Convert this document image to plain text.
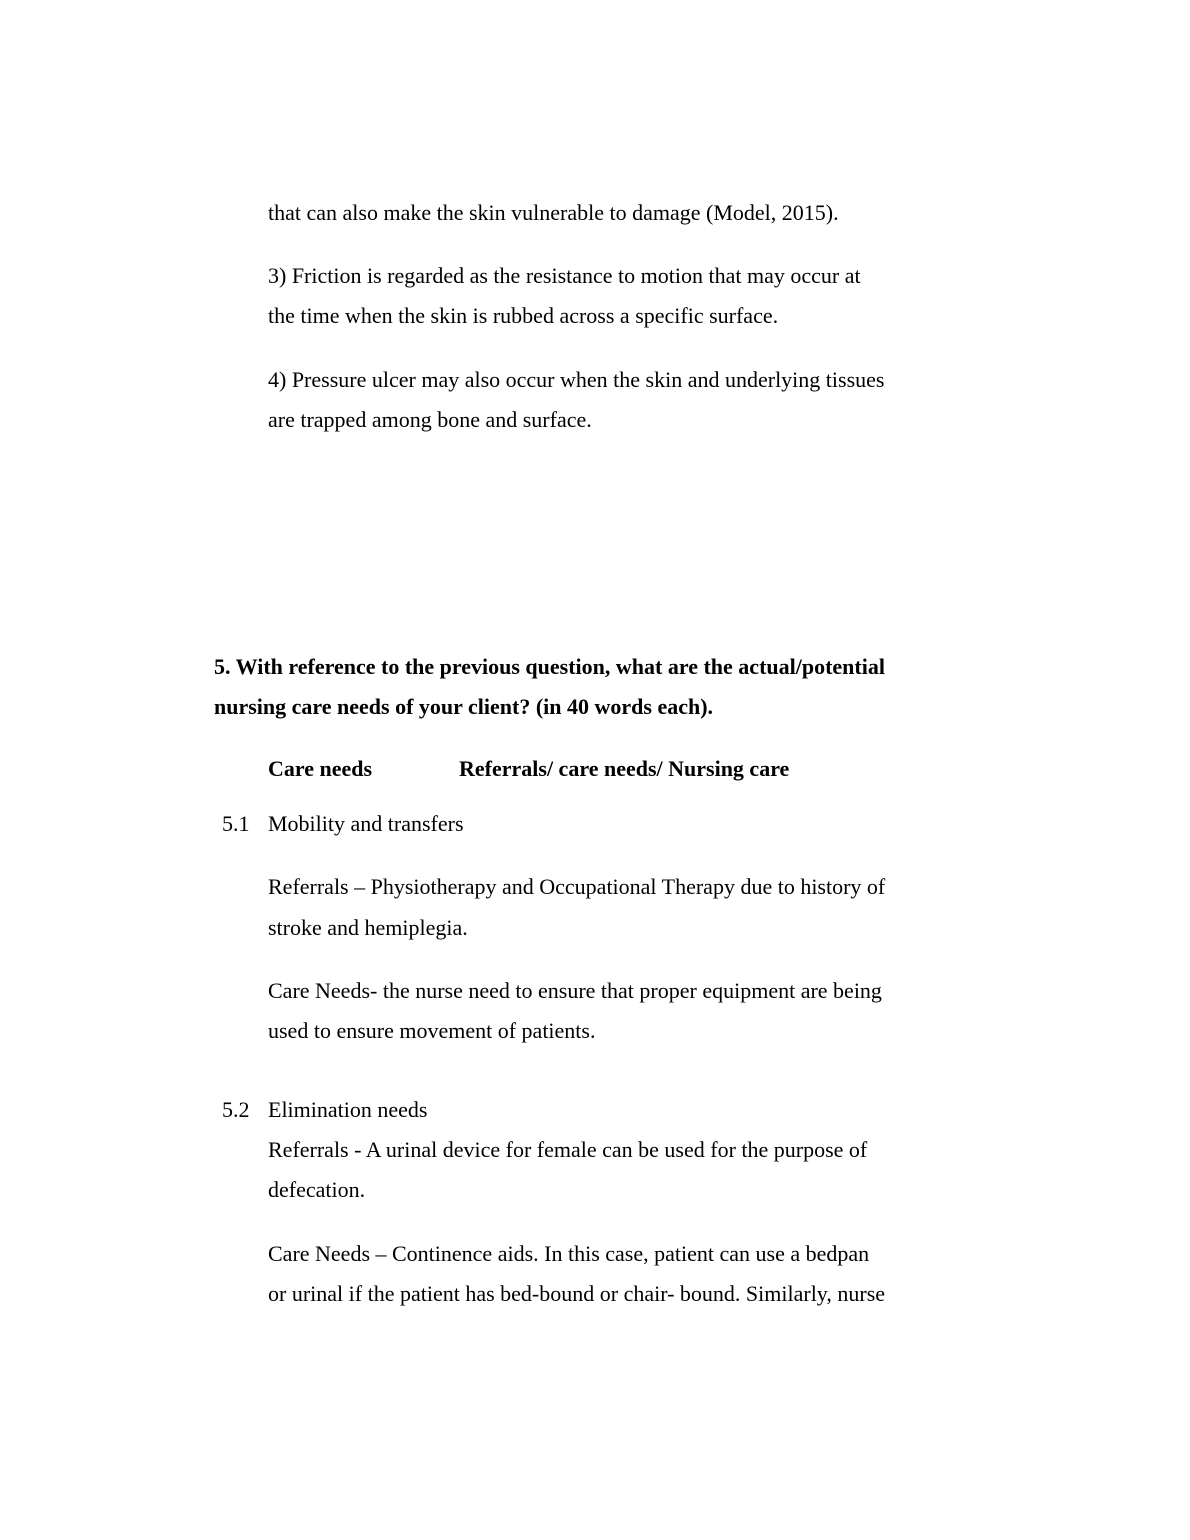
that can also make the skin vulnerable to damage (Model, 2015).
3) Friction is regarded as the resistance to motion that may occur at
the time when the skin is rubbed across a specific surface.
4) Pressure ulcer may also occur when the skin and underlying tissues
are trapped among bone and surface.
5. With reference to the previous question, what are the actual/potential
nursing care needs of your client? (in 40 words each).
Care needs	Referrals/ care needs/ Nursing care
5.1 Mobility and transfers
Referrals – Physiotherapy and Occupational Therapy due to history of
stroke and hemiplegia.
Care Needs- the nurse need to ensure that proper equipment are being
used to ensure movement of patients.
5.2 Elimination needs
Referrals - A urinal device for female can be used for the purpose of
defecation.
Care Needs – Continence aids. In this case, patient can use a bedpan
or urinal if the patient has bed-bound or chair- bound. Similarly, nurse
